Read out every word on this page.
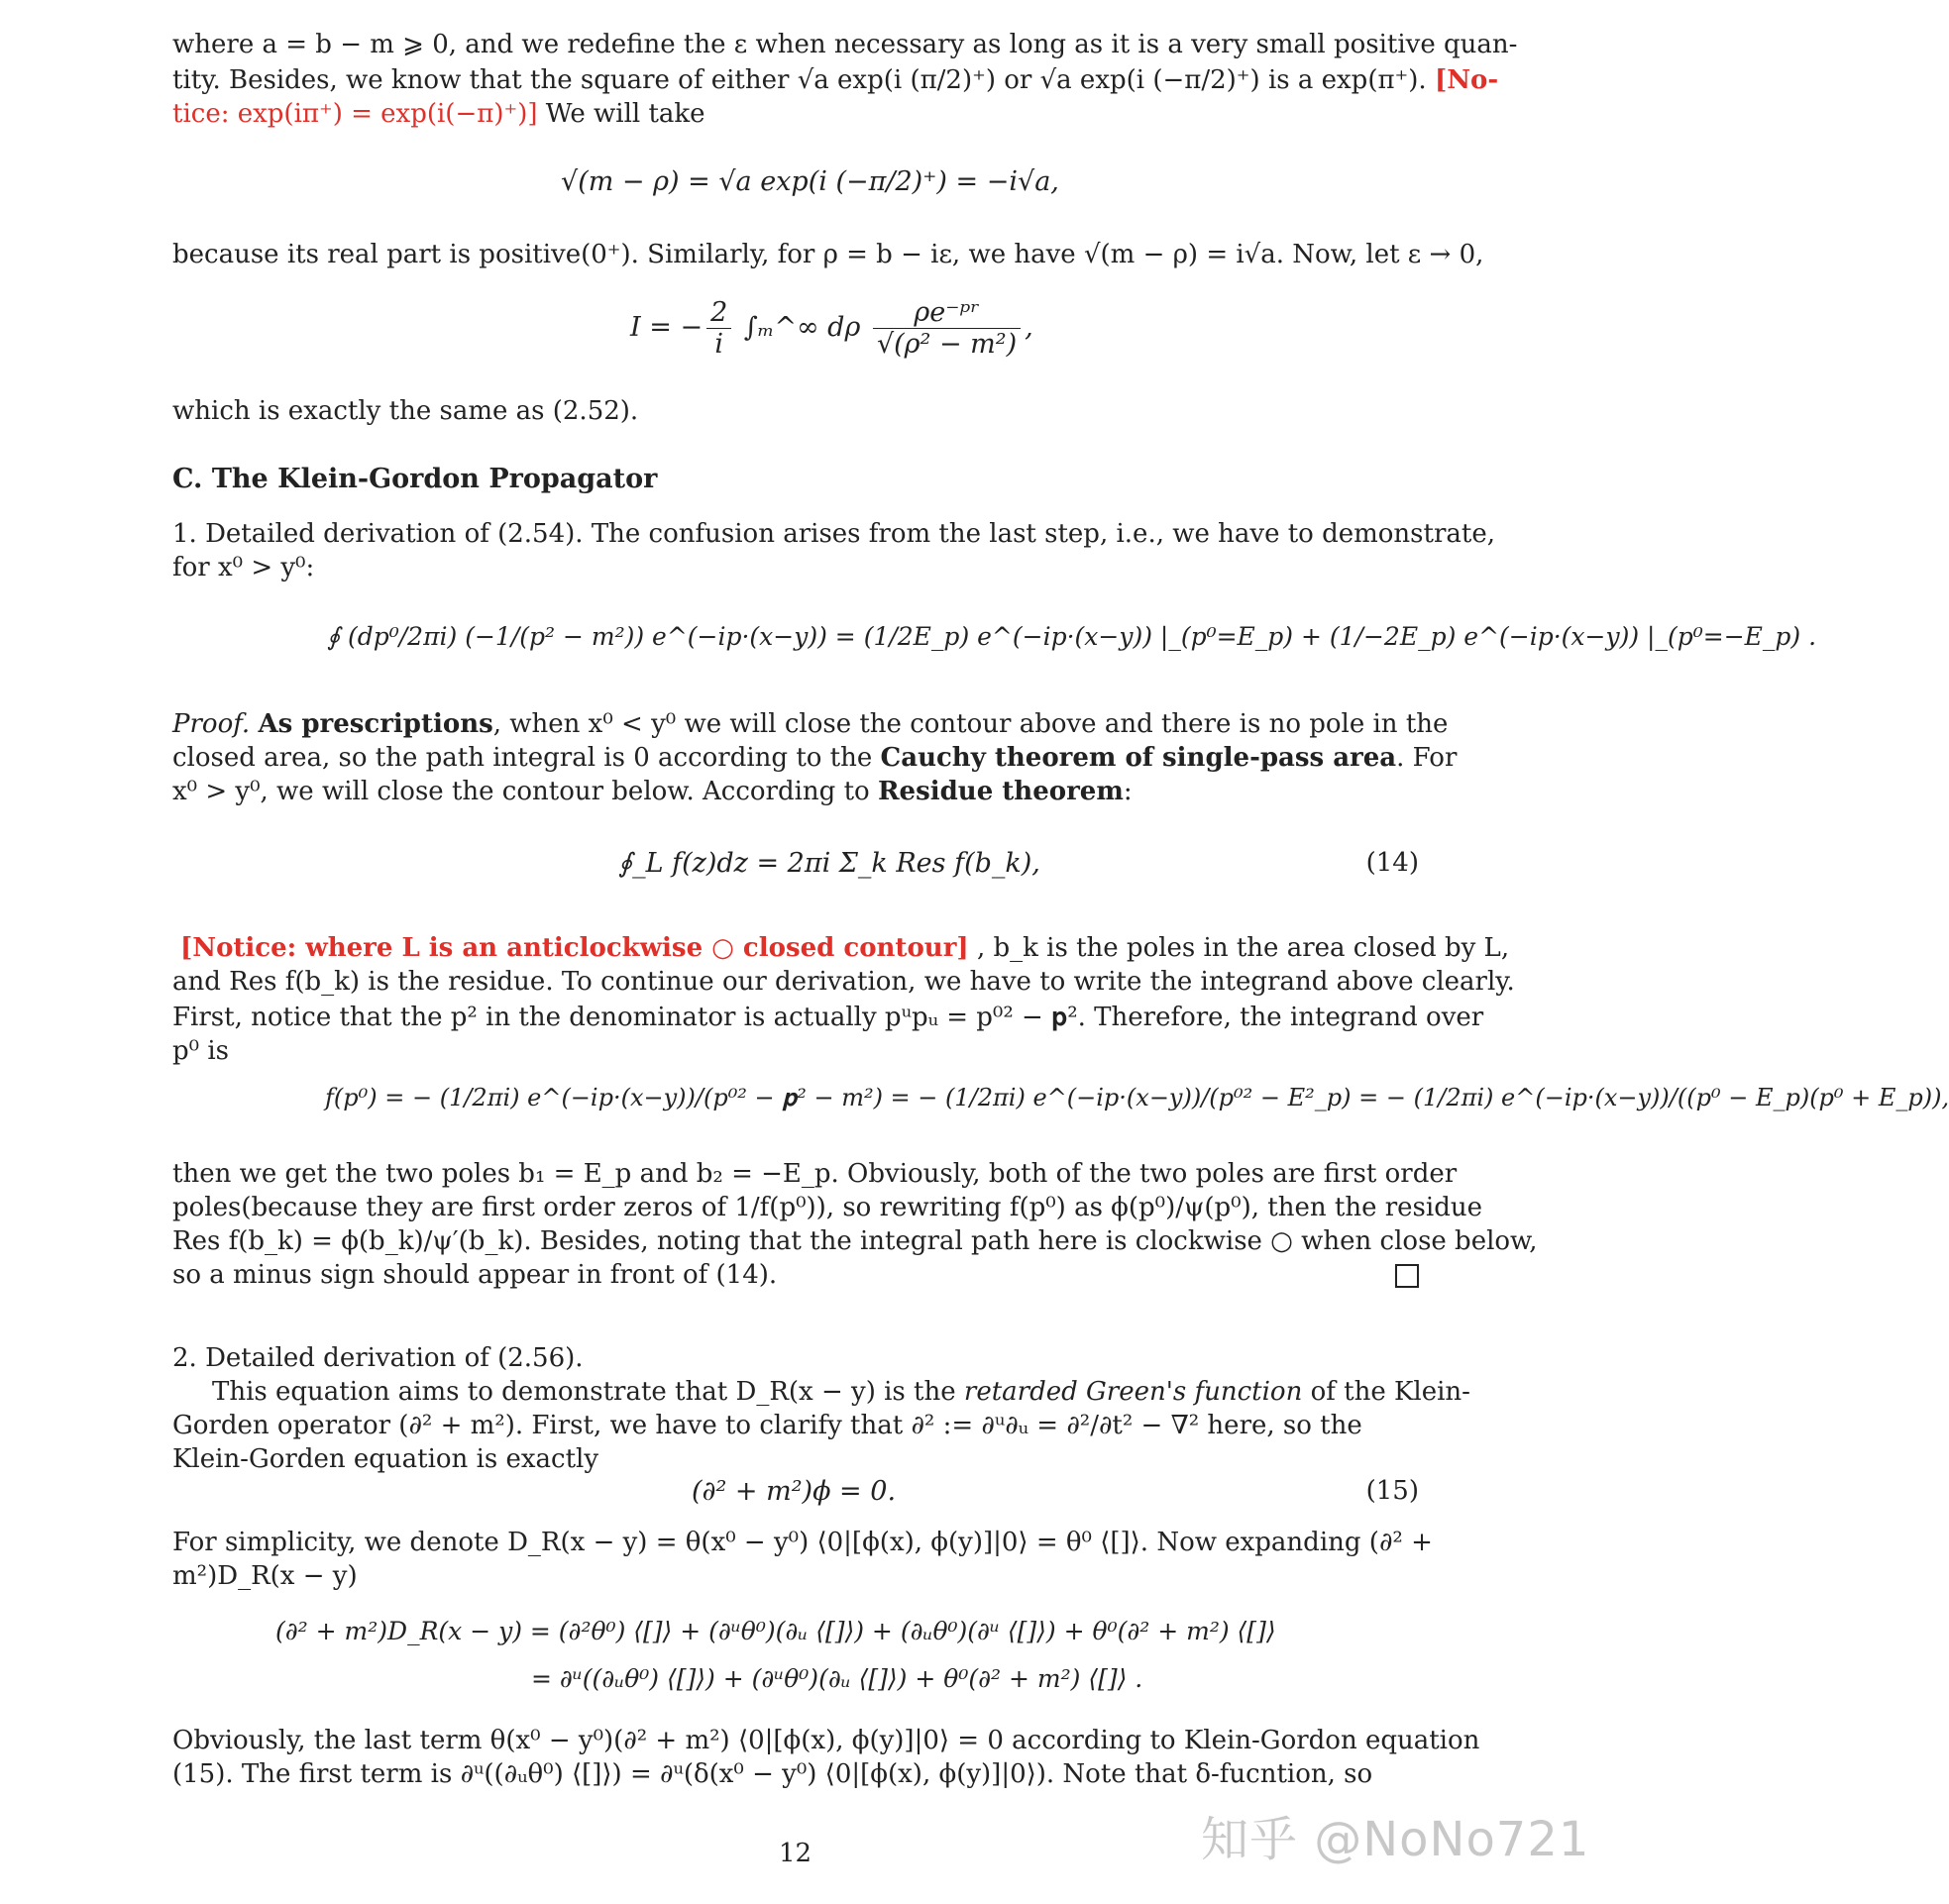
where a = b − m ⩾ 0, and we redefine the ε when necessary as long as it is a very small positive quan-
tity. Besides, we know that the square of either √a exp(i (π/2)⁺) or √a exp(i (−π/2)⁺) is a exp(π⁺). [No-
tice: exp(iπ⁺) = exp(i(−π)⁺)] We will take
√(m − ρ) = √a exp(i (−π/2)⁺) = −i√a,
because its real part is positive(0⁺). Similarly, for ρ = b − iε, we have √(m − ρ) = i√a. Now, let ε → 0,
I = − $\frac{2}{i}$ ∫ₘ^∞ dρ $\frac{\text{ρe⁻ᵖʳ}}{\text{√(ρ² − m²)}}$ ,
which is exactly the same as (2.52).
C. The Klein-Gordon Propagator
1. Detailed derivation of (2.54). The confusion arises from the last step, i.e., we have to demonstrate,
for x⁰ > y⁰:
∮ (dp⁰/2πi) (−1/(p² − m²)) e^(−ip·(x−y)) = (1/2E_p) e^(−ip·(x−y)) |_(p⁰=E_p) + (1/−2E_p) e^(−ip·(x−y)) |_(p⁰=−E_p) .
Proof. As prescriptions, when x⁰ < y⁰ we will close the contour above and there is no pole in the
closed area, so the path integral is 0 according to the Cauchy theorem of single-pass area. For
x⁰ > y⁰, we will close the contour below. According to Residue theorem:
∮_L f(z)dz = 2πi Σ_k Res f(b_k),	(14)
[Notice: where L is an anticlockwise ○ closed contour] , b_k is the poles in the area closed by L,
and Res f(b_k) is the residue. To continue our derivation, we have to write the integrand above clearly.
First, notice that the p² in the denominator is actually pᵘpᵤ = p⁰² − 𝐩². Therefore, the integrand over
p⁰ is
f(p⁰) = − (1/2πi) e^(−ip·(x−y))/(p⁰² − 𝐩² − m²) = − (1/2πi) e^(−ip·(x−y))/(p⁰² − E²_p) = − (1/2πi) e^(−ip·(x−y))/((p⁰ − E_p)(p⁰ + E_p)),
then we get the two poles b₁ = E_p and b₂ = −E_p. Obviously, both of the two poles are first order
poles(because they are first order zeros of 1/f(p⁰)), so rewriting f(p⁰) as ϕ(p⁰)/ψ(p⁰), then the residue
Res f(b_k) = ϕ(b_k)/ψ′(b_k). Besides, noting that the integral path here is clockwise ○ when close below,
so a minus sign should appear in front of (14).
2. Detailed derivation of (2.56).
This equation aims to demonstrate that D_R(x − y) is the retarded Green's function of the Klein-
Gorden operator (∂² + m²). First, we have to clarify that ∂² := ∂ᵘ∂ᵤ = ∂²/∂t² − ∇² here, so the
Klein-Gorden equation is exactly
(∂² + m²)ϕ = 0.	(15)
For simplicity, we denote D_R(x − y) = θ(x⁰ − y⁰) ⟨0|[ϕ(x), ϕ(y)]|0⟩ = θ⁰ ⟨[]⟩. Now expanding (∂² +
m²)D_R(x − y)
(∂² + m²)D_R(x − y) = (∂²θ⁰) ⟨[]⟩ + (∂ᵘθ⁰)(∂ᵤ ⟨[]⟩) + (∂ᵤθ⁰)(∂ᵘ ⟨[]⟩) + θ⁰(∂² + m²) ⟨[]⟩
= ∂ᵘ((∂ᵤθ⁰) ⟨[]⟩) + (∂ᵘθ⁰)(∂ᵤ ⟨[]⟩) + θ⁰(∂² + m²) ⟨[]⟩ .
Obviously, the last term θ(x⁰ − y⁰)(∂² + m²) ⟨0|[ϕ(x), ϕ(y)]|0⟩ = 0 according to Klein-Gordon equation
(15). The first term is ∂ᵘ((∂ᵤθ⁰) ⟨[]⟩) = ∂ᵘ(δ(x⁰ − y⁰) ⟨0|[ϕ(x), ϕ(y)]|0⟩). Note that δ-fucntion, so
12	知乎 @NoNo721
